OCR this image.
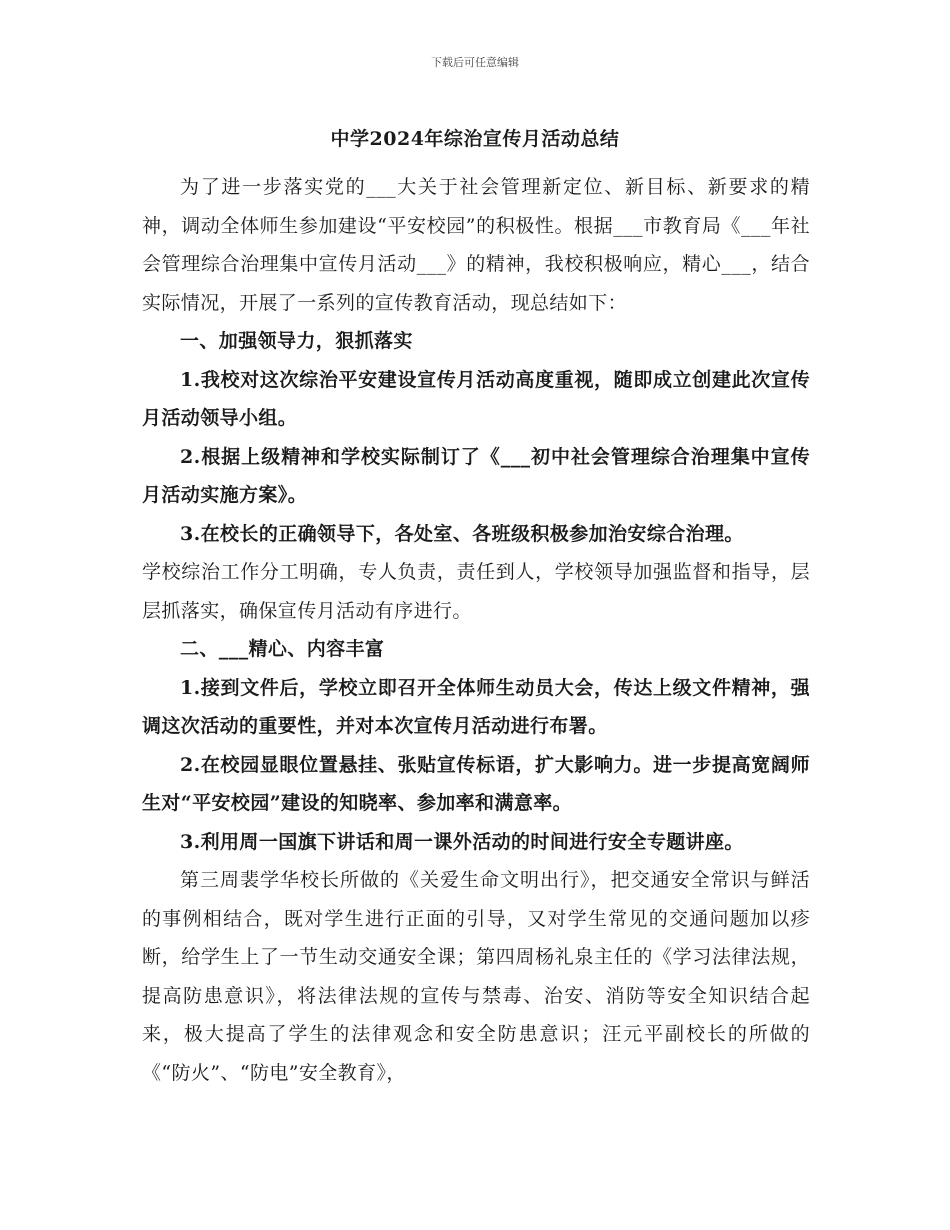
下载后可任意编辑
中学2024年综治宣传月活动总结

为了进一步落实党的___大关于社会管理新定位、新目标、新要求的精神，调动全体师生参加建设“平安校园”的积极性。根据___市教育局《___年社会管理综合治理集中宣传月活动___》的精神，我校积极响应，精心___，结合实际情况，开展了一系列的宣传教育活动，现总结如下：

一、加强领导力，狠抓落实

1.我校对这次综治平安建设宣传月活动高度重视，随即成立创建此次宣传月活动领导小组。

2.根据上级精神和学校实际制订了《___初中社会管理综合治理集中宣传月活动实施方案》。

3.在校长的正确领导下，各处室、各班级积极参加治安综合治理。

学校综治工作分工明确，专人负责，责任到人，学校领导加强监督和指导，层层抓落实，确保宣传月活动有序进行。

二、___精心、内容丰富

1.接到文件后，学校立即召开全体师生动员大会，传达上级文件精神，强调这次活动的重要性，并对本次宣传月活动进行布署。

2.在校园显眼位置悬挂、张贴宣传标语，扩大影响力。进一步提高宽阔师生对“平安校园”建设的知晓率、参加率和满意率。

3.利用周一国旗下讲话和周一课外活动的时间进行安全专题讲座。

第三周裴学华校长所做的《关爱生命文明出行》，把交通安全常识与鲜活的事例相结合，既对学生进行正面的引导，又对学生常见的交通问题加以疹断，给学生上了一节生动交通安全课；第四周杨礼泉主任的《学习法律法规，提高防患意识》，将法律法规的宣传与禁毒、治安、消防等安全知识结合起来，极大提高了学生的法律观念和安全防患意识；汪元平副校长的所做的《“防火”、“防电”安全教育》，
